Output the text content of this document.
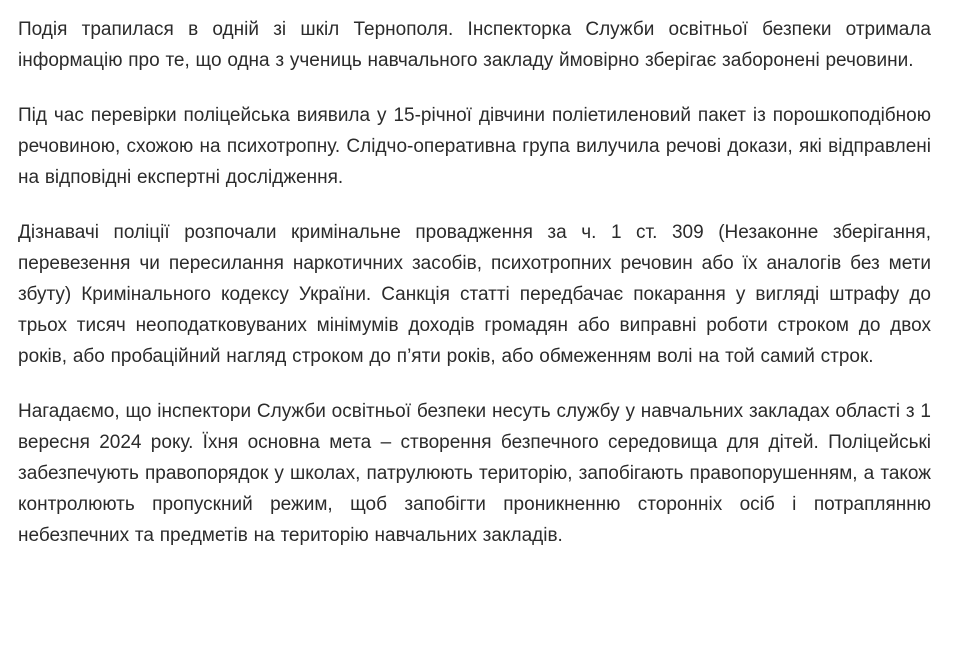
Подія трапилася в одній зі шкіл Тернополя. Інспекторка Служби освітньої безпеки отримала інформацію про те, що одна з учениць навчального закладу ймовірно зберігає заборонені речовини.

Під час перевірки поліцейська виявила у 15-річної дівчини поліетиленовий пакет із порошкоподібною речовиною, схожою на психотропну. Слідчо-оперативна група вилучила речові докази, які відправлені на відповідні експертні дослідження.

Дізнавачі поліції розпочали кримінальне провадження за ч. 1 ст. 309 (Незаконне зберігання, перевезення чи пересилання наркотичних засобів, психотропних речовин або їх аналогів без мети збуту) Кримінального кодексу України. Санкція статті передбачає покарання у вигляді штрафу до трьох тисяч неоподатковуваних мінімумів доходів громадян або виправні роботи строком до двох років, або пробаційний нагляд строком до п’яти років, або обмеженням волі на той самий строк.

Нагадаємо, що інспектори Служби освітньої безпеки несуть службу у навчальних закладах області з 1 вересня 2024 року. Їхня основна мета – створення безпечного середовища для дітей. Поліцейські забезпечують правопорядок у школах, патрулюють територію, запобігають правопорушенням, а також контролюють пропускний режим, щоб запобігти проникненню сторонніх осіб і потраплянню небезпечних та предметів на територію навчальних закладів.
